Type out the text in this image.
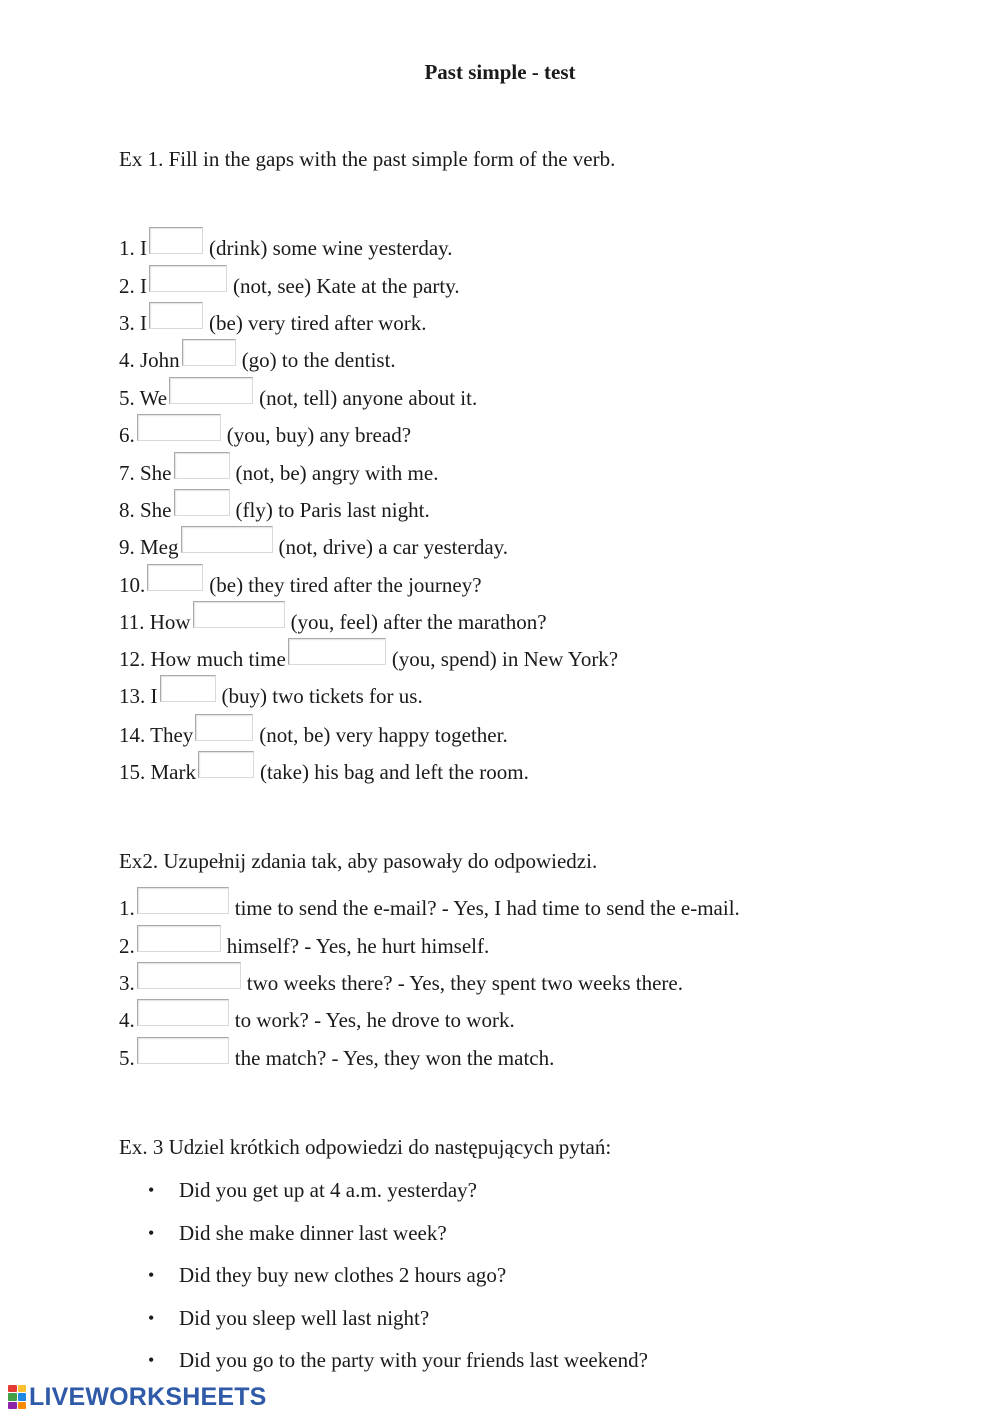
Past simple - test
Ex 1. Fill in the gaps with the past simple form of the verb.
1. I	(drink) some wine yesterday.
2. I	(not, see) Kate at the party.
3. I	(be) very tired after work.
4. John	(go) to the dentist.
5. We	(not, tell) anyone about it.
6.	(you, buy) any bread?
7. She	(not, be) angry with me.
8. She	(fly) to Paris last night.
9. Meg	(not, drive) a car yesterday.
10.	(be) they tired after the journey?
11. How	(you, feel) after the marathon?
12. How much time	(you, spend) in New York?
13. I	(buy) two tickets for us.
14. They	(not, be) very happy together.
15. Mark	(take) his bag and left the room.
Ex2. Uzupełnij zdania tak, aby pasowały do odpowiedzi.
1.	time to send the e-mail? - Yes, I had time to send the e-mail.
2.	himself? - Yes, he hurt himself.
3.	two weeks there? - Yes, they spent two weeks there.
4.	to work? - Yes, he drove to work.
5.	the match? - Yes, they won the match.
Ex. 3 Udziel krótkich odpowiedzi do następujących pytań:
• Did you get up at 4 a.m. yesterday?
• Did she make dinner last week?
• Did they buy new clothes 2 hours ago?
• Did you sleep well last night?
• Did you go to the party with your friends last weekend?
LIVEWORKSHEETS
